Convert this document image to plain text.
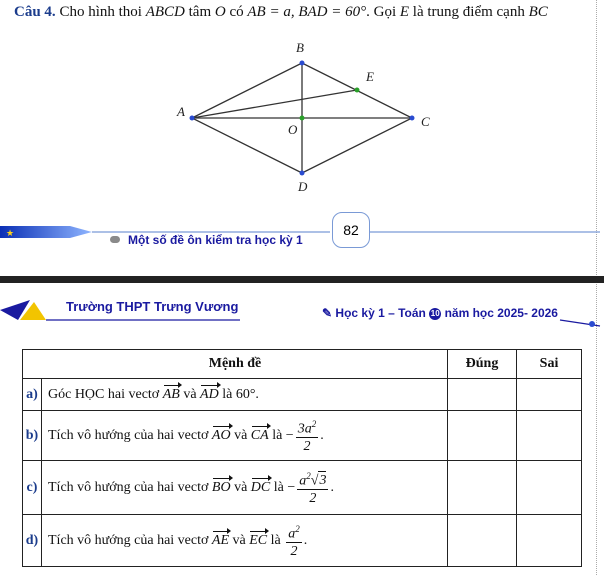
Câu 4. Cho hình thoi ABCD tâm O có AB = a, BAD = 60°. Gọi E là trung điểm cạnh BC
A
B
C
D
O
E
★	82
Một số đề ôn kiểm tra học kỳ 1
Trường THPT Trưng Vương	✎ Học kỳ 1 – Toán 10 năm học 2025- 2026
Mệnh đề		Đúng	Sai
a)	Góc HỌC hai vectơ AB và AD là 60°.		
b)	Tích vô hướng của hai vectơ AO và CA là − $\frac{3a^2}{2}$ .		
c)	Tích vô hướng của hai vectơ BO và DC là − $\frac{a^2√3}{2}$ .		
d)	Tích vô hướng của hai vectơ AE và EC là $\frac{a^2}{2}$ .		
